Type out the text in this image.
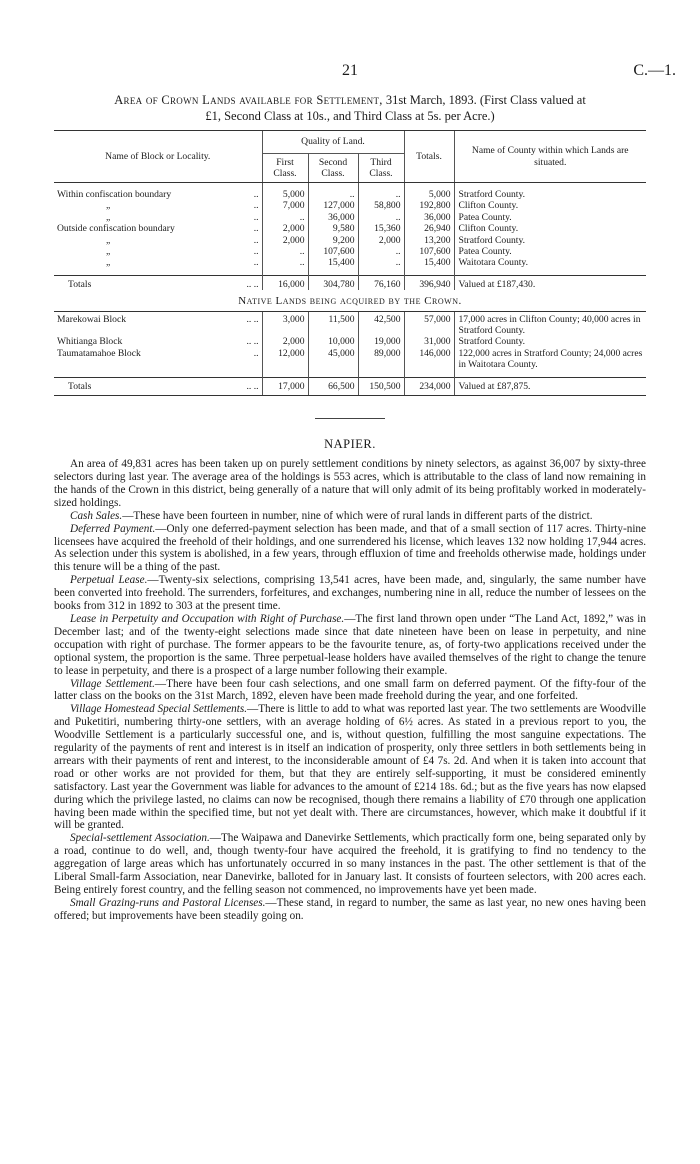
21	C.—1.
Area of Crown Lands available for Settlement, 31st March, 1893. (First Class valued at
£1, Second Class at 10s., and Third Class at 5s. per Acre.)
Name of Block or Locality.		Quality of Land.			Totals.	Name of County within which Lands are situated.
		First Class.	Second Class.	Third Class.		

Within confiscation boundary	..	5,000	..	..	5,000	Stratford County.
„	..	7,000	127,000	58,800	192,800	Clifton County.
„	..	..	36,000	..	36,000	Patea County.
Outside confiscation boundary	..	2,000	9,580	15,360	26,940	Clifton County.
„	..	2,000	9,200	2,000	13,200	Stratford County.
„	..	..	107,600	..	107,600	Patea County.
„	..	..	15,400	..	15,400	Waitotara County.

Totals	.. ..	16,000	304,780	76,160	396,940	Valued at £187,430.
Native Lands being acquired by the Crown.						
Marekowai Block	.. ..	3,000	11,500	42,500	57,000	17,000 acres in Clifton County; 40,000 acres in Stratford County.
Whitianga Block	.. ..	2,000	10,000	19,000	31,000	Stratford County.
Taumatamahoe Block	..	12,000	45,000	89,000	146,000	122,000 acres in Stratford County; 24,000 acres in Waitotara County.

Totals	.. ..	17,000	66,500	150,500	234,000	Valued at £87,875.
NAPIER.

An area of 49,831 acres has been taken up on purely settlement conditions by ninety selectors, as against 36,007 by sixty-three selectors during last year. The average area of the holdings is 553 acres, which is attributable to the class of land now remaining in the hands of the Crown in this district, being generally of a nature that will only admit of its being profitably worked in moderately-sized holdings.

Cash Sales.—These have been fourteen in number, nine of which were of rural lands in different parts of the district.

Deferred Payment.—Only one deferred-payment selection has been made, and that of a small section of 117 acres. Thirty-nine licensees have acquired the freehold of their holdings, and one surrendered his license, which leaves 132 now holding 17,944 acres. As selection under this system is abolished, in a few years, through effluxion of time and freeholds otherwise made, holdings under this tenure will be a thing of the past.

Perpetual Lease.—Twenty-six selections, comprising 13,541 acres, have been made, and, singularly, the same number have been converted into freehold. The surrenders, forfeitures, and exchanges, numbering nine in all, reduce the number of lessees on the books from 312 in 1892 to 303 at the present time.

Lease in Perpetuity and Occupation with Right of Purchase.—The first land thrown open under “The Land Act, 1892,” was in December last; and of the twenty-eight selections made since that date nineteen have been on lease in perpetuity, and nine occupation with right of purchase. The former appears to be the favourite tenure, as, of forty-two applications received under the optional system, the proportion is the same. Three perpetual-lease holders have availed themselves of the right to change the tenure to lease in perpetuity, and there is a prospect of a large number following their example.

Village Settlement.—There have been four cash selections, and one small farm on deferred payment. Of the fifty-four of the latter class on the books on the 31st March, 1892, eleven have been made freehold during the year, and one forfeited.

Village Homestead Special Settlements.—There is little to add to what was reported last year. The two settlements are Woodville and Puketitiri, numbering thirty-one settlers, with an average holding of 6½ acres. As stated in a previous report to you, the Woodville Settlement is a particularly successful one, and is, without question, fulfilling the most sanguine expectations. The regularity of the payments of rent and interest is in itself an indication of prosperity, only three settlers in both settlements being in arrears with their payments of rent and interest, to the inconsiderable amount of £4 7s. 2d. And when it is taken into account that road or other works are not provided for them, but that they are entirely self-supporting, it must be considered eminently satisfactory. Last year the Government was liable for advances to the amount of £214 18s. 6d.; but as the five years has now elapsed during which the privilege lasted, no claims can now be recognised, though there remains a liability of £70 through one application having been made within the specified time, but not yet dealt with. There are circumstances, however, which make it doubtful if it will be granted.

Special-settlement Association.—The Waipawa and Danevirke Settlements, which practically form one, being separated only by a road, continue to do well, and, though twenty-four have acquired the freehold, it is gratifying to find no tendency to the aggregation of large areas which has unfortunately occurred in so many instances in the past. The other settlement is that of the Liberal Small-farm Association, near Danevirke, balloted for in January last. It consists of fourteen selectors, with 200 acres each. Being entirely forest country, and the felling season not commenced, no improvements have yet been made.

Small Grazing-runs and Pastoral Licenses.—These stand, in regard to number, the same as last year, no new ones having been offered; but improvements have been steadily going on.
